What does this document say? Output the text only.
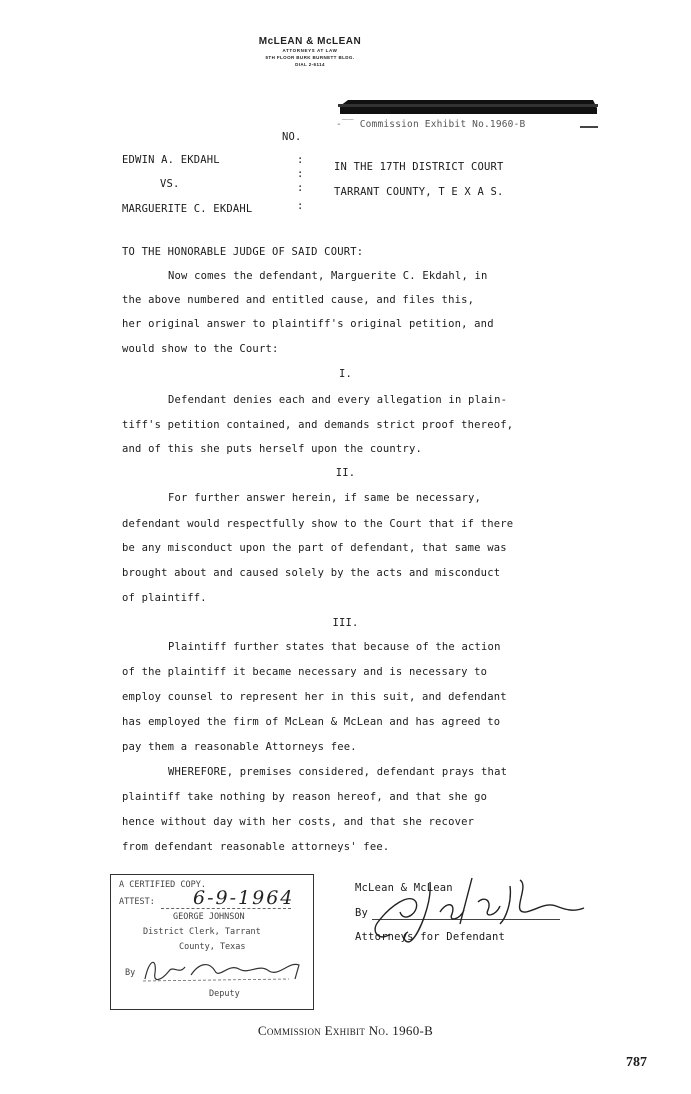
McLEAN & McLEAN
ATTORNEYS AT LAW
5TH FLOOR BURK BURNETT BLDG.
DIAL 2-6114
-‾‾ Commission Exhibit No.1960-B
NO.
EDWIN A. EKDAHL
VS.
MARGUERITE C. EKDAHL
:
:
:
:
IN THE 17TH DISTRICT COURT
TARRANT COUNTY, T E X A S.
TO THE HONORABLE JUDGE OF SAID COURT:
Now comes the defendant, Marguerite C. Ekdahl, in
the above numbered and entitled cause, and files this,
her original answer to plaintiff's original petition, and
would show to the Court:
I.
Defendant denies each and every allegation in plain-
tiff's petition contained, and demands strict proof thereof,
and of this she puts herself upon the country.
II.
For further answer herein, if same be necessary,
defendant would respectfully show to the Court that if there
be any misconduct upon the part of defendant, that same was
brought about and caused solely by the acts and misconduct
of plaintiff.
III.
Plaintiff further states that because of the action
of the plaintiff it became necessary and is necessary to
employ counsel to represent her in this suit, and defendant
has employed the firm of McLean & McLean and has agreed to
pay them a reasonable Attorneys fee.
WHEREFORE, premises considered, defendant prays that
plaintiff take nothing by reason hereof, and that she go
hence without day with her costs, and that she recover
from defendant reasonable attorneys' fee.
A CERTIFIED COPY.
ATTEST: 6-9-1964
GEORGE JOHNSON
District Clerk, Tarrant
County, Texas
By
Deputy
McLean & McLean
By
Attorneys for Defendant
Commission Exhibit No. 1960-B
787
